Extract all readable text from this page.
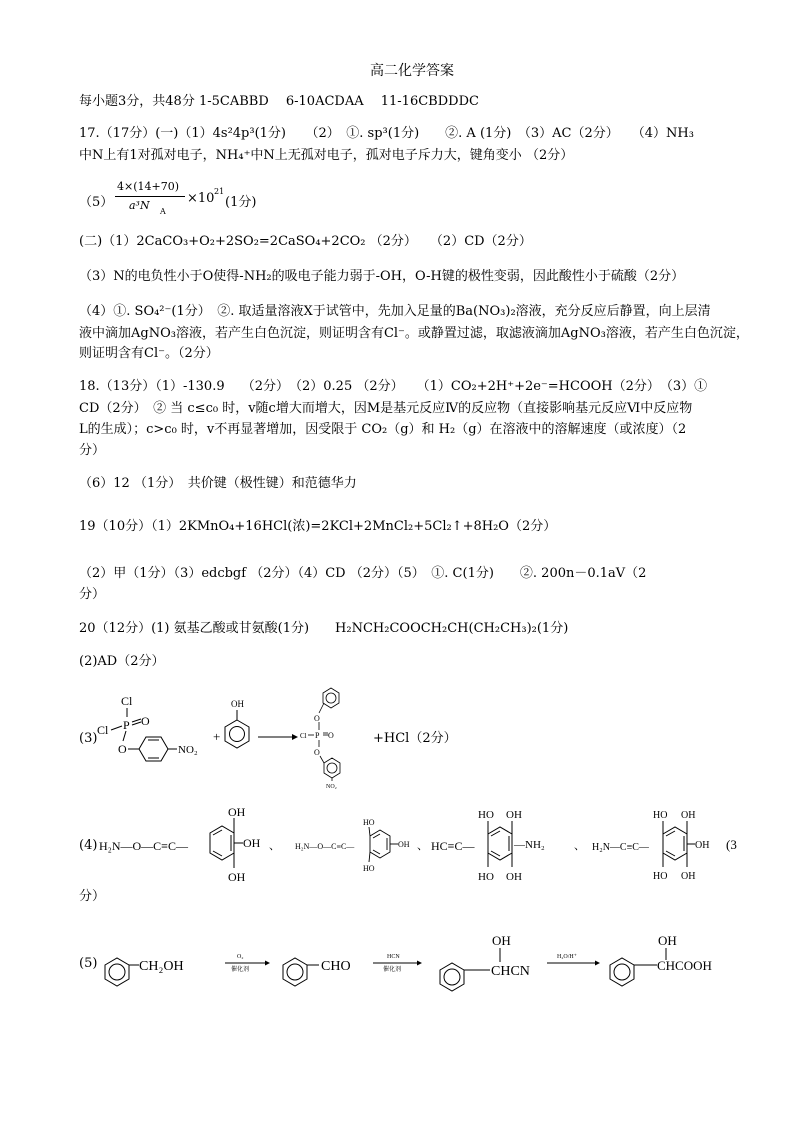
高二化学答案
每小题3分，共48分 1-5CABBD　 6-10ACDAA　 11-16CBDDDC
17.（17分）(一)（1）4s²4p³(1分)　　（2）　①. sp³(1分)　　②. A (1分)　（3）AC（2分）　　（4）NH₃
中N上有1对孤对电子，NH₄⁺中N上无孤对电子，孤对电子斥力大，键角变小 （2分）
（5）
4×(14+70)
a³N A
×10 21
(1分)
(二)（1）2CaCO₃+O₂+2SO₂=2CaSO₄+2CO₂ （2分）　　（2）CD（2分）
（3）N的电负性小于O使得-NH₂的吸电子能力弱于-OH，O-H键的极性变弱，因此酸性小于硫酸（2分）
（4）①. SO₄²⁻(1分）　②. 取适量溶液X于试管中，先加入足量的Ba(NO₃)₂溶液，充分反应后静置，向上层清
液中滴加AgNO₃溶液，若产生白色沉淀，则证明含有Cl⁻。或静置过滤，取滤液滴加AgNO₃溶液，若产生白色沉淀，
则证明含有Cl⁻。（2分）
18.（13分）（1）-130.9　 （2分）　（2）0.25 （2分）　　（1）CO₂+2H⁺+2e⁻=HCOOH（2分）　（3）①
CD（2分）　② 当 c≤c₀ 时，v随c增大而增大，因M是基元反应Ⅳ的反应物（直接影响基元反应Ⅵ中反应物
L的生成）；c>c₀ 时，v不再显著增加，因受限于 CO₂（g）和 H₂（g）在溶液中的溶解速度（或浓度）（2
分）
（6）12 （1分）　共价键（极性键）和范德华力
19（10分）（1）2KMnO₄+16HCl(浓)=2KCl+2MnCl₂+5Cl₂↑+8H₂O（2分）
（2）甲（1分）（3）edcbgf （2分）（4）CD （2分）（5）　①. C(1分)　　②. 200n－0.1aV（2
分）
20（12分）(1) 氨基乙酸或甘氨酸(1分)　　H₂NCH₂COOCH₂CH(CH₂CH₃)₂(1分)
(2)AD（2分）
(3)
Cl
P
Cl
O
O	NO₂
+
OH
O
P
Cl	O
O
NO₂
+HCl（2分）
(4) H₂N—O—C≡C—
OH
OH
OH
、 H₂N—O—C≡C—
HO
HO
OH 、 HC≡C—
HO OH
HO OH
—NH₂	、 H₂N—C≡C—
HO OH
OH
HO OH
(3
分）
(5)	CH₂OH
O₂
催化剂	CHO
HCN
催化剂
OH
CHCN
H₂O/H⁺
OH
CHCOOH
